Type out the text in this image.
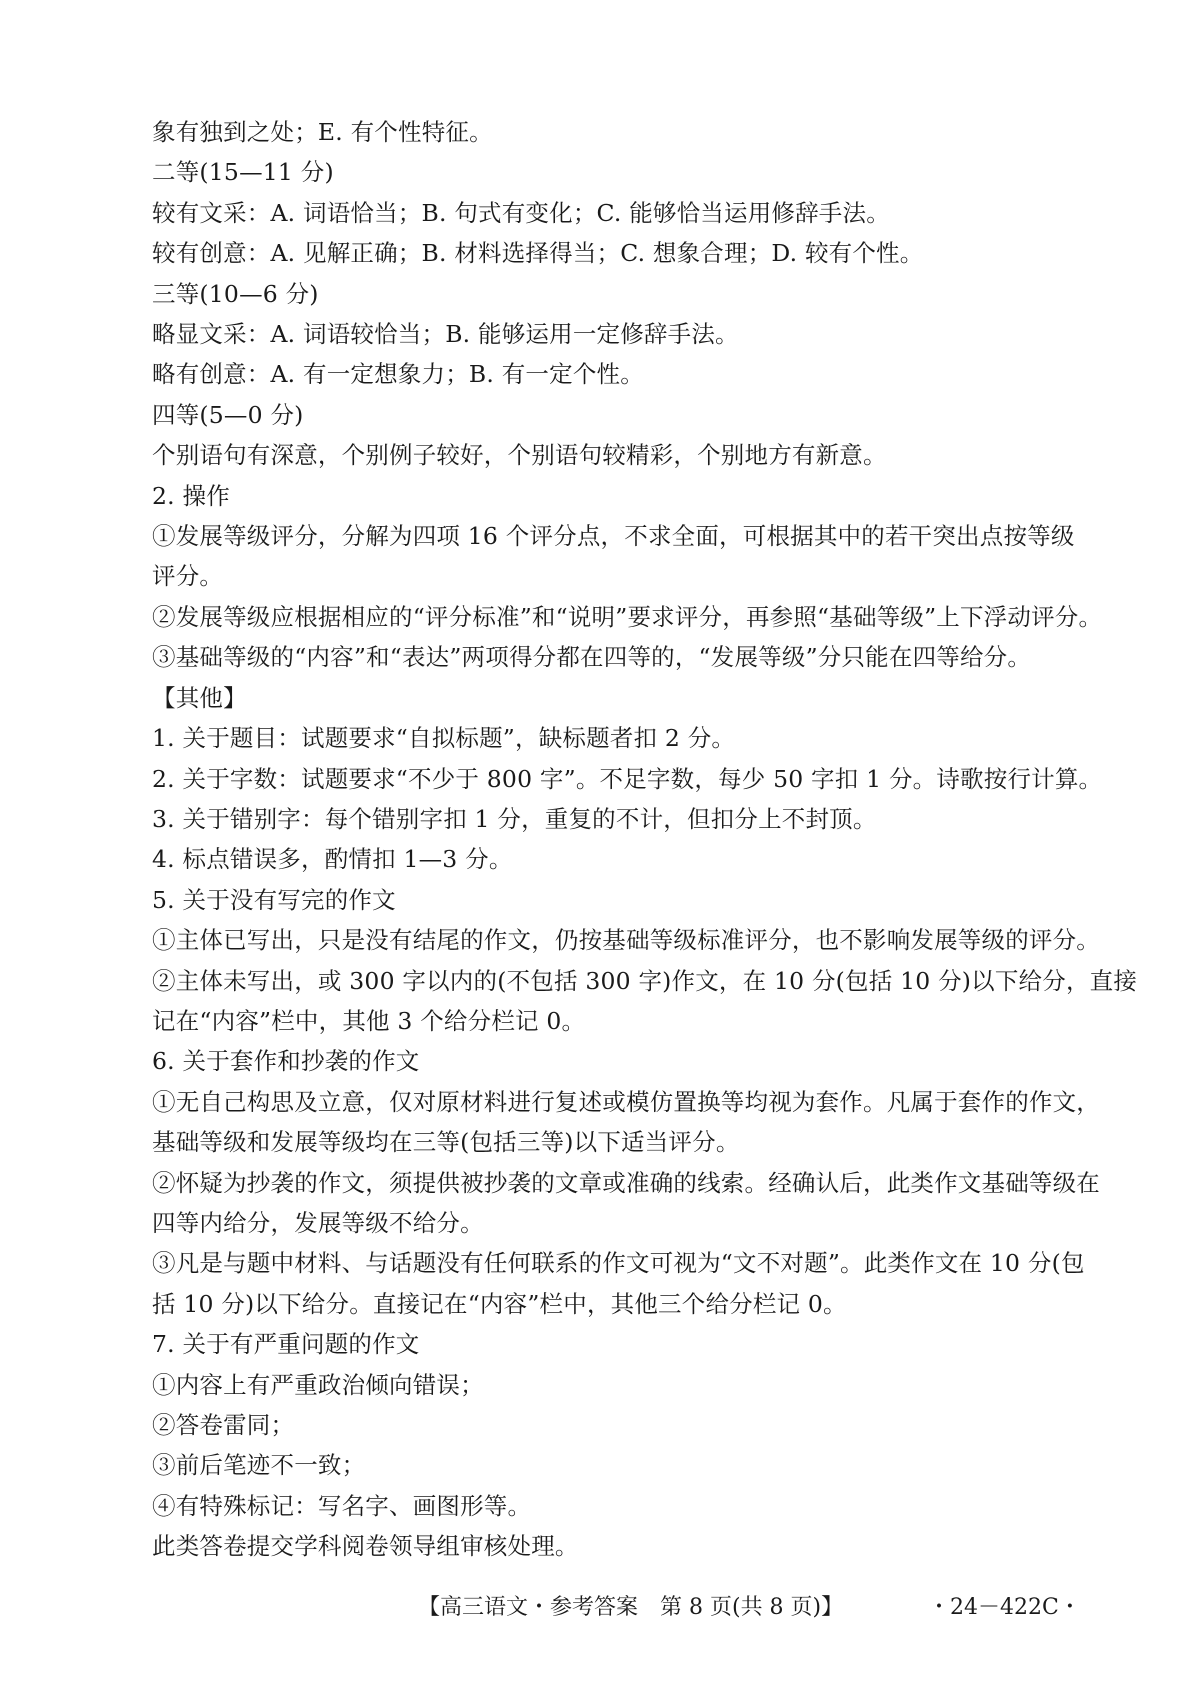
象有独到之处；E. 有个性特征。
二等(15—11 分)
较有文采：A. 词语恰当；B. 句式有变化；C. 能够恰当运用修辞手法。
较有创意：A. 见解正确；B. 材料选择得当；C. 想象合理；D. 较有个性。
三等(10—6 分)
略显文采：A. 词语较恰当；B. 能够运用一定修辞手法。
略有创意：A. 有一定想象力；B. 有一定个性。
四等(5—0 分)
个别语句有深意，个别例子较好，个别语句较精彩，个别地方有新意。
2. 操作
①发展等级评分，分解为四项 16 个评分点，不求全面，可根据其中的若干突出点按等级
评分。
②发展等级应根据相应的“评分标准”和“说明”要求评分，再参照“基础等级”上下浮动评分。
③基础等级的“内容”和“表达”两项得分都在四等的，“发展等级”分只能在四等给分。
【其他】
1. 关于题目：试题要求“自拟标题”，缺标题者扣 2 分。
2. 关于字数：试题要求“不少于 800 字”。不足字数，每少 50 字扣 1 分。诗歌按行计算。
3. 关于错别字：每个错别字扣 1 分，重复的不计，但扣分上不封顶。
4. 标点错误多，酌情扣 1—3 分。
5. 关于没有写完的作文
①主体已写出，只是没有结尾的作文，仍按基础等级标准评分，也不影响发展等级的评分。
②主体未写出，或 300 字以内的(不包括 300 字)作文，在 10 分(包括 10 分)以下给分，直接
记在“内容”栏中，其他 3 个给分栏记 0。
6. 关于套作和抄袭的作文
①无自己构思及立意，仅对原材料进行复述或模仿置换等均视为套作。凡属于套作的作文，
基础等级和发展等级均在三等(包括三等)以下适当评分。
②怀疑为抄袭的作文，须提供被抄袭的文章或准确的线索。经确认后，此类作文基础等级在
四等内给分，发展等级不给分。
③凡是与题中材料、与话题没有任何联系的作文可视为“文不对题”。此类作文在 10 分(包
括 10 分)以下给分。直接记在“内容”栏中，其他三个给分栏记 0。
7. 关于有严重问题的作文
①内容上有严重政治倾向错误；
②答卷雷同；
③前后笔迹不一致；
④有特殊标记：写名字、画图形等。
此类答卷提交学科阅卷领导组审核处理。
【高三语文・参考答案　第 8 页(共 8 页)】	・24－422C・
